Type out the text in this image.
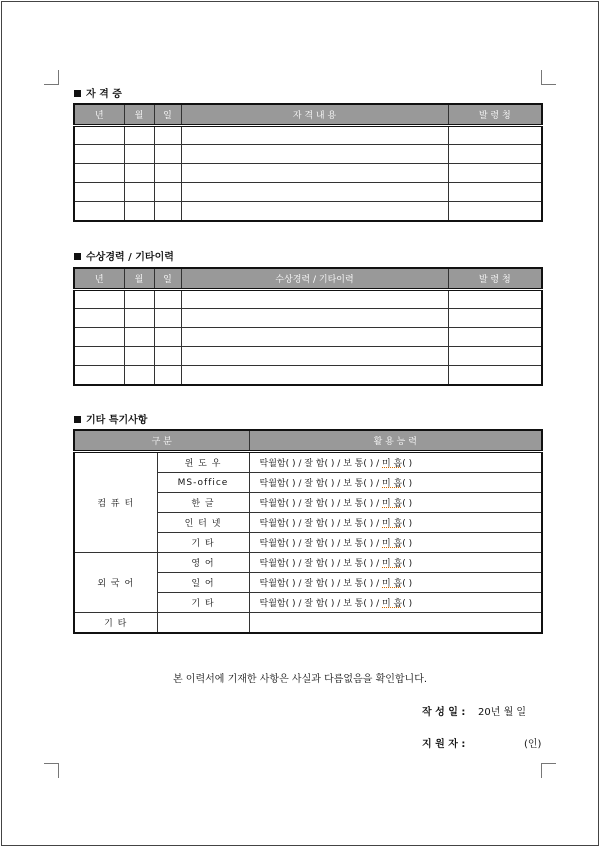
자 격 증
년	월	일	자 격 내 용	발 령 청

수상경력 / 기타이력
년	월	일	수상경력 / 기타이력	발 령 청

기타 특기사항
구 분		활 용 능 력
컴 퓨 터	윈 도 우	탁월함( ) / 잘 함( ) / 보 통( ) / 미 흡( )
	MS-office	탁월함( ) / 잘 함( ) / 보 통( ) / 미 흡( )
	한 글	탁월함( ) / 잘 함( ) / 보 통( ) / 미 흡( )
	인 터 넷	탁월함( ) / 잘 함( ) / 보 통( ) / 미 흡( )
	기 타	탁월함( ) / 잘 함( ) / 보 통( ) / 미 흡( )
외 국 어	영 어	탁월함( ) / 잘 함( ) / 보 통( ) / 미 흡( )
	일 어	탁월함( ) / 잘 함( ) / 보 통( ) / 미 흡( )
	기 타	탁월함( ) / 잘 함( ) / 보 통( ) / 미 흡( )
기 타		
본 이력서에 기재한 사항은 사실과 다름없음을 확인합니다.
작 성 일 : 20년 월 일
지 원 자 :	(인)
